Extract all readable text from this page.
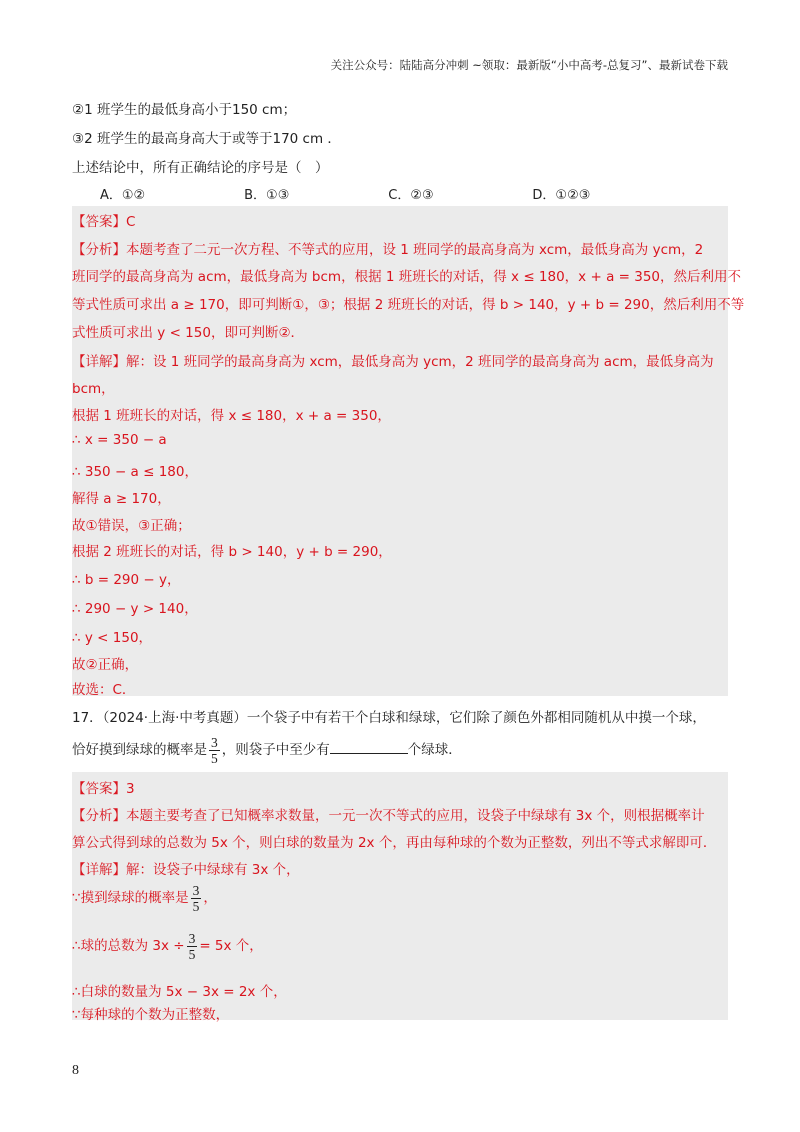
关注公众号：陆陆高分冲刺 ~领取：最新版“小中高考-总复习”、最新试卷下载
②1 班学生的最低身高小于150 cm；
③2 班学生的最高身高大于或等于170 cm ．
上述结论中，所有正确结论的序号是（　）
A．①②	B．①③	C．②③	D．①②③
【答案】C
【分析】本题考查了二元一次方程、不等式的应用，设 1 班同学的最高身高为 xcm，最低身高为 ycm，2
班同学的最高身高为 acm，最低身高为 bcm，根据 1 班班长的对话，得 x ≤ 180，x + a = 350，然后利用不
等式性质可求出 a ≥ 170，即可判断①，③；根据 2 班班长的对话，得 b > 140，y + b = 290，然后利用不等
式性质可求出 y < 150，即可判断②．
【详解】解：设 1 班同学的最高身高为 xcm，最低身高为 ycm，2 班同学的最高身高为 acm，最低身高为
bcm，
根据 1 班班长的对话，得 x ≤ 180，x + a = 350，
∴ x = 350 − a
∴ 350 − a ≤ 180，
解得 a ≥ 170，
故①错误，③正确；
根据 2 班班长的对话，得 b > 140，y + b = 290，
∴ b = 290 − y，
∴ 290 − y > 140，
∴ y < 150，
故②正确，
故选：C．
17．（2024·上海·中考真题）一个袋子中有若干个白球和绿球，它们除了颜色外都相同随机从中摸一个球，
恰好摸到绿球的概率是 $\frac{3}{5}$ ，则袋子中至少有	个绿球．
【答案】3
【分析】本题主要考查了已知概率求数量，一元一次不等式的应用，设袋子中绿球有 3x 个，则根据概率计
算公式得到球的总数为 5x 个，则白球的数量为 2x 个，再由每种球的个数为正整数，列出不等式求解即可．
【详解】解：设袋子中绿球有 3x 个，
∵摸到绿球的概率是 $\frac{3}{5}$ ，
∴球的总数为 $3x \div \frac{3}{5} = 5x$ 个，
∴白球的数量为 5x − 3x = 2x 个，
∵每种球的个数为正整数，
8
